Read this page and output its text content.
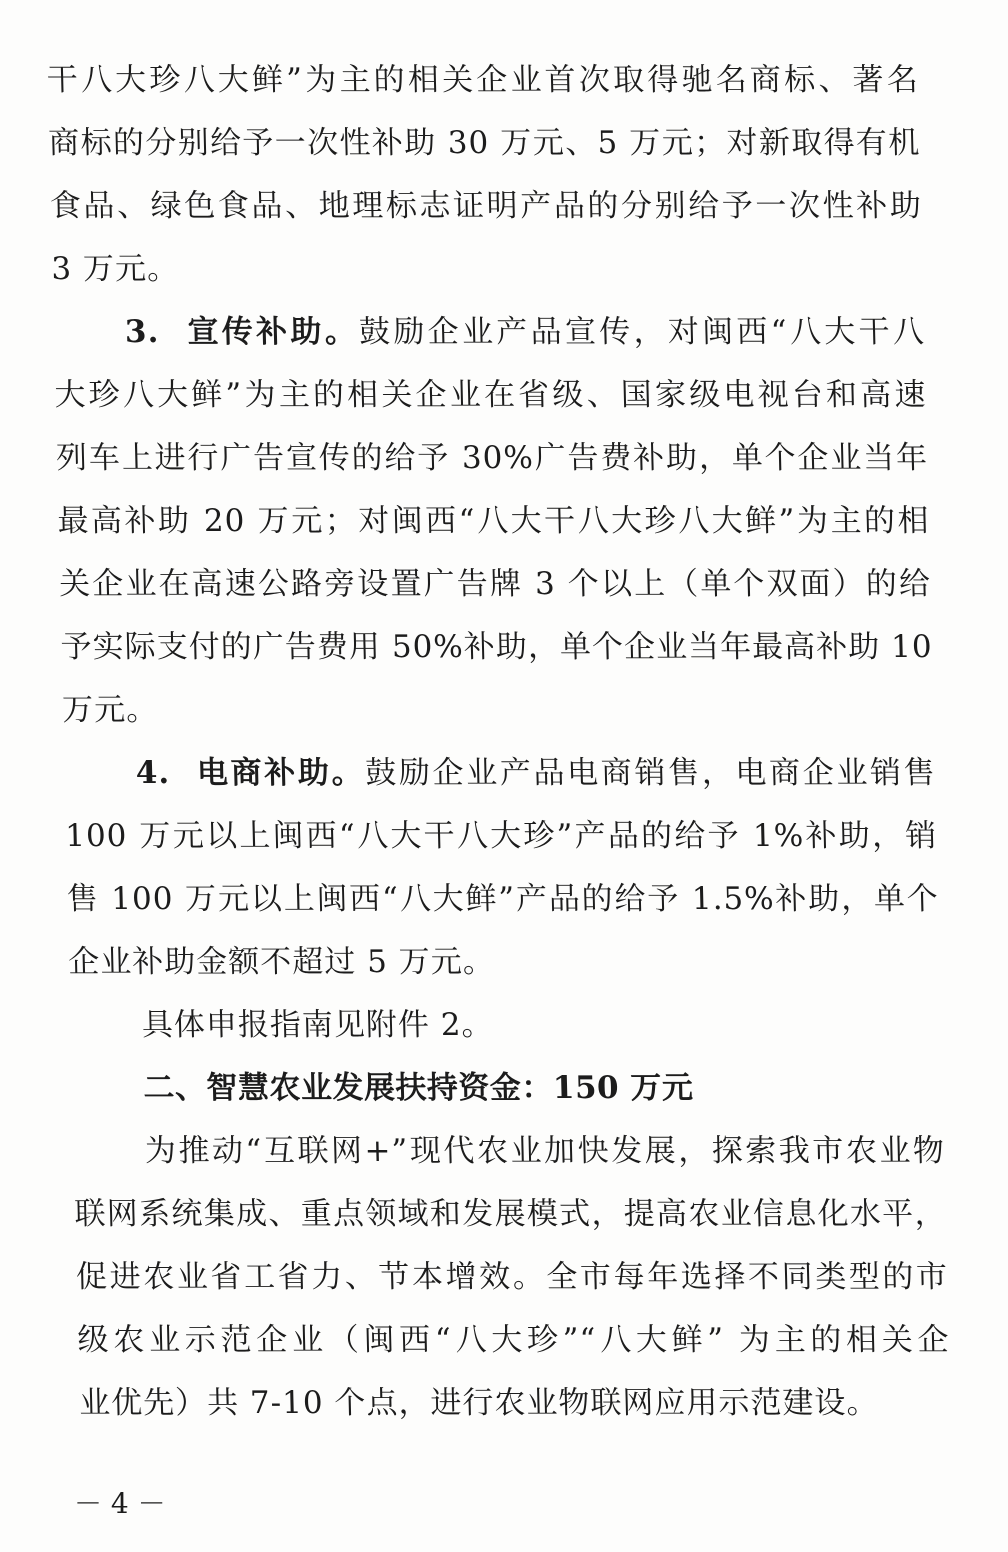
干八大珍八大鲜”为主的相关企业首次取得驰名商标、著名
商标的分别给予一次性补助 30 万元、5 万元；对新取得有机
食品、绿色食品、地理标志证明产品的分别给予一次性补助
3 万元。
3.  宣传补助。鼓励企业产品宣传，对闽西“八大干八
大珍八大鲜”为主的相关企业在省级、国家级电视台和高速
列车上进行广告宣传的给予 30%广告费补助，单个企业当年
最高补助 20 万元；对闽西“八大干八大珍八大鲜”为主的相
关企业在高速公路旁设置广告牌 3 个以上（单个双面）的给
予实际支付的广告费用 50%补助，单个企业当年最高补助 10
万元。
4.  电商补助。鼓励企业产品电商销售，电商企业销售
100 万元以上闽西“八大干八大珍”产品的给予 1%补助，销
售 100 万元以上闽西“八大鲜”产品的给予 1.5%补助，单个
企业补助金额不超过 5 万元。
具体申报指南见附件 2。
二、智慧农业发展扶持资金：150 万元
为推动“互联网+”现代农业加快发展，探索我市农业物
联网系统集成、重点领域和发展模式，提高农业信息化水平，
促进农业省工省力、节本增效。全市每年选择不同类型的市
级农业示范企业（闽西“八大珍”“八大鲜” 为主的相关企
业优先）共 7-10 个点，进行农业物联网应用示范建设。
－ 4 －
